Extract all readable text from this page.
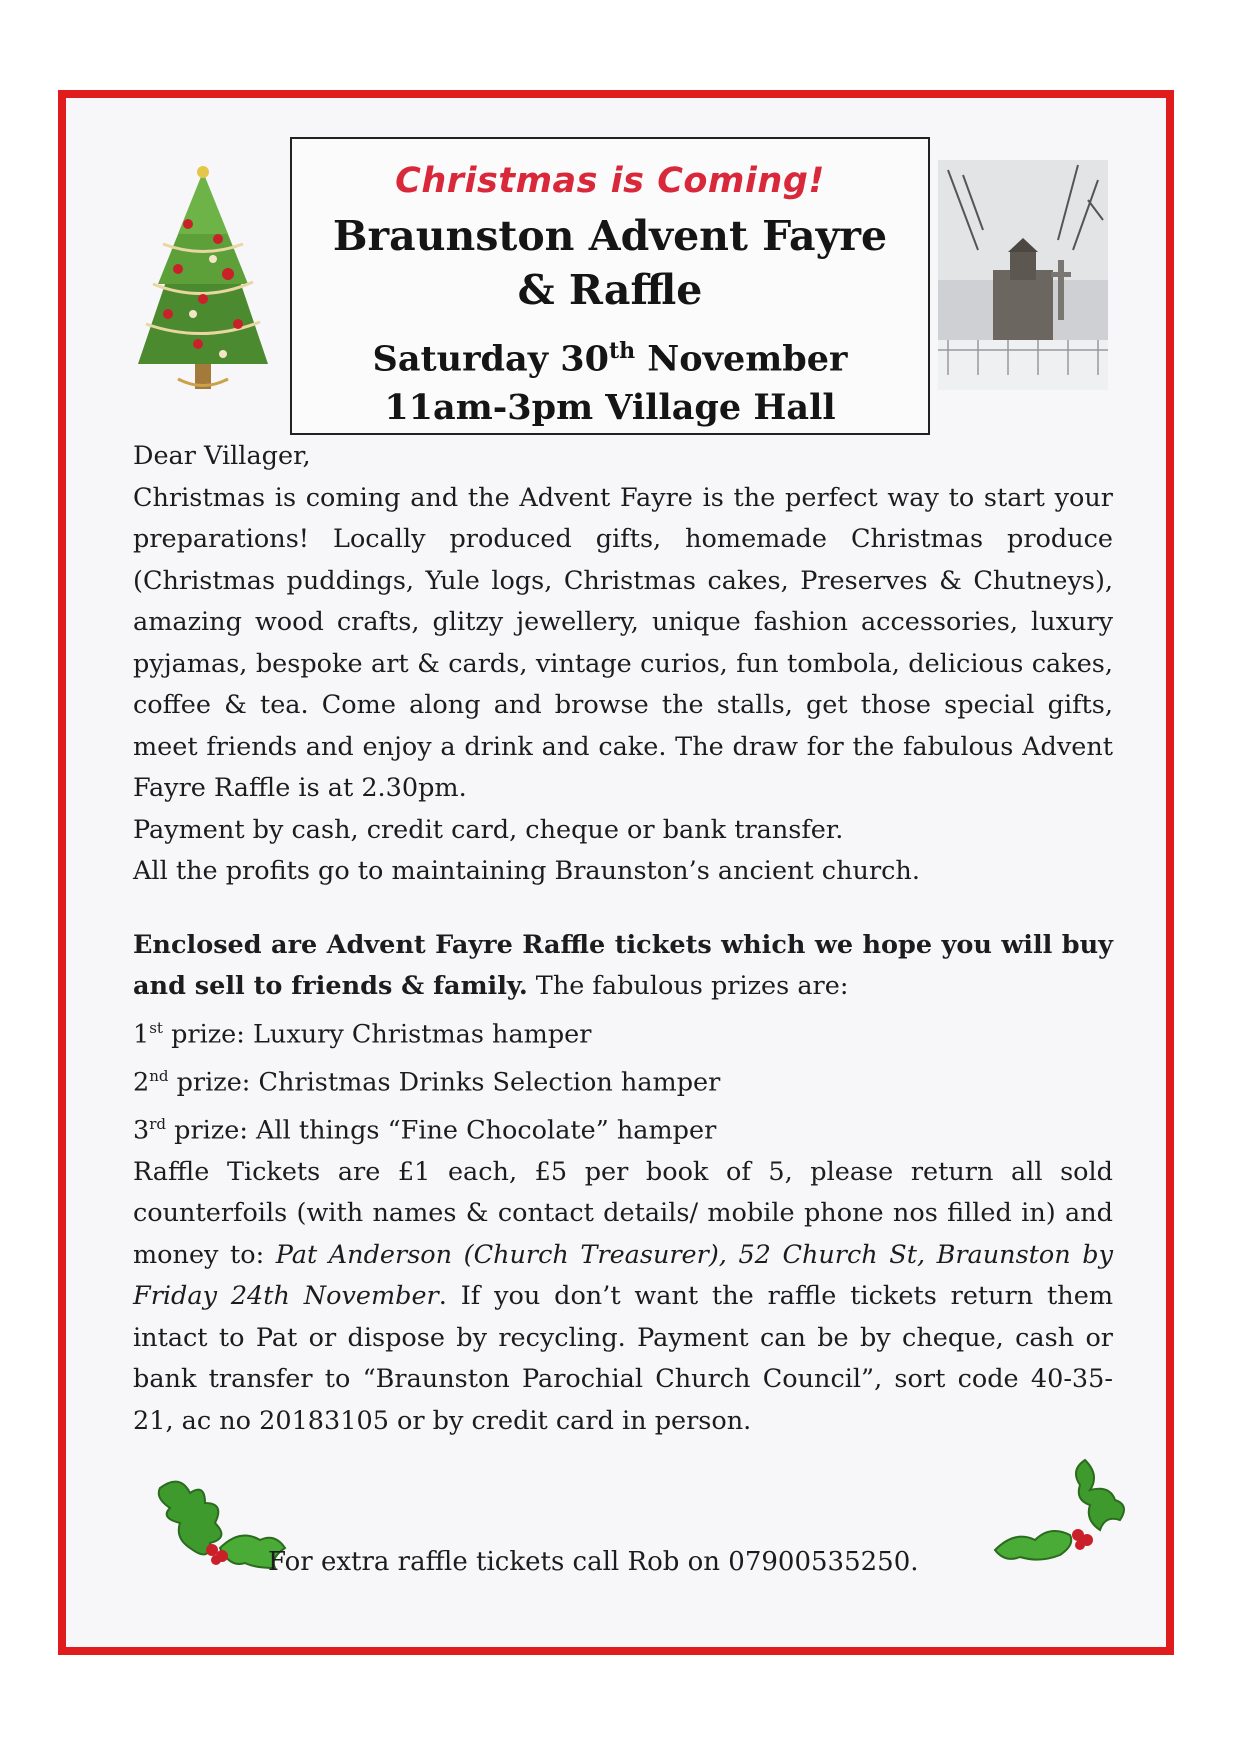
Christmas is Coming!
Braunston Advent Fayre
& Raffle
Saturday 30th November
11am-3pm Village Hall

Dear Villager,

Christmas is coming and the Advent Fayre is the perfect way to start your preparations! Locally produced gifts, homemade Christmas produce (Christmas puddings, Yule logs, Christmas cakes, Preserves & Chutneys), amazing wood crafts, glitzy jewellery, unique fashion accessories, luxury pyjamas, bespoke art & cards, vintage curios, fun tombola, delicious cakes, coffee & tea. Come along and browse the stalls, get those special gifts, meet friends and enjoy a drink and cake. The draw for the fabulous Advent Fayre Raffle is at 2.30pm.

Payment by cash, credit card, cheque or bank transfer.

All the profits go to maintaining Braunston’s ancient church.

Enclosed are Advent Fayre Raffle tickets which we hope you will buy and sell to friends & family. The fabulous prizes are:

1st prize: Luxury Christmas hamper

2nd prize: Christmas Drinks Selection hamper

3rd prize: All things “Fine Chocolate” hamper

Raffle Tickets are £1 each, £5 per book of 5, please return all sold counterfoils (with names & contact details/ mobile phone nos filled in) and money to: Pat Anderson (Church Treasurer), 52 Church St, Braunston by Friday 24th November. If you don’t want the raffle tickets return them intact to Pat or dispose by recycling. Payment can be by cheque, cash or bank transfer to “Braunston Parochial Church Council”, sort code 40-35-21, ac no 20183105 or by credit card in person.

For extra raffle tickets call Rob on 07900535250.
